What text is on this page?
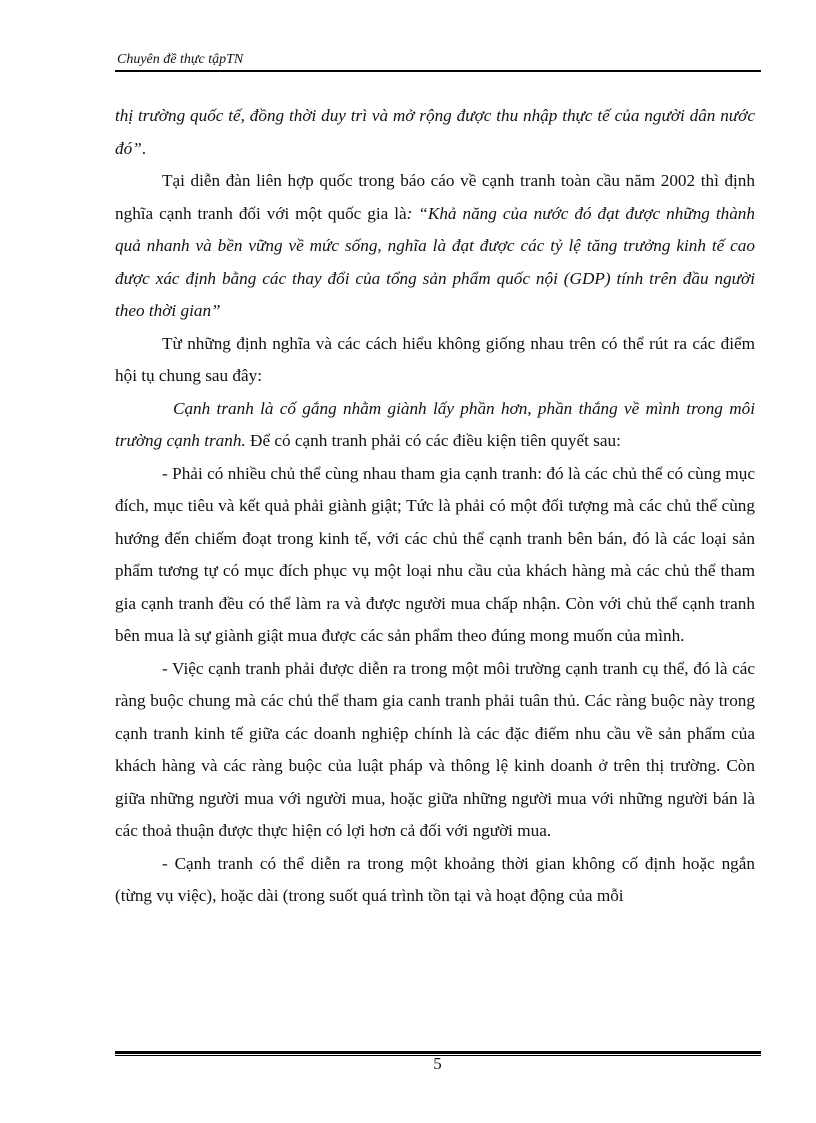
Chuyên đề thực tậpTN

thị trường quốc tế, đồng thời duy trì và mở rộng được thu nhập thực tế của người dân nước đó”.

Tại diễn đàn liên hợp quốc trong báo cáo về cạnh tranh toàn cầu năm 2002 thì định nghĩa cạnh tranh đối với một quốc gia là: “Khả năng của nước đó đạt được những thành quả nhanh và bền vững về mức sống, nghĩa là đạt được các tỷ lệ tăng trưởng kinh tế cao được xác định bằng các thay đổi của tổng sản phẩm quốc nội (GDP) tính trên đầu người theo thời gian”

Từ những định nghĩa và các cách hiểu không giống nhau trên có thể rút ra các điểm hội tụ chung sau đây:

Cạnh tranh là cố gắng nhằm giành lấy phần hơn, phần thắng về mình trong môi trường cạnh tranh. Để có cạnh tranh phải có các điều kiện tiên quyết sau:

- Phải có nhiều chủ thể cùng nhau tham gia cạnh tranh: đó là các chủ thể có cùng mục đích, mục tiêu và kết quả phải giành giật; Tức là phải có một đối tượng mà các chủ thể cùng hướng đến chiếm đoạt trong kinh tế, với các chủ thể cạnh tranh bên bán, đó là các loại sản phẩm tương tự có mục đích phục vụ một loại nhu cầu của khách hàng mà các chủ thể tham gia cạnh tranh đều có thể làm ra và được người mua chấp nhận. Còn với chủ thể cạnh tranh bên mua là sự giành giật mua được các sản phẩm theo đúng mong muốn của mình.

- Việc cạnh tranh phải được diễn ra trong một môi trường cạnh tranh cụ thể, đó là các ràng buộc chung mà các chủ thể tham gia canh tranh phải tuân thủ. Các ràng buộc này trong cạnh tranh kinh tế giữa các doanh nghiệp chính là các đặc điểm nhu cầu về sản phẩm của khách hàng và các ràng buộc của luật pháp và thông lệ kinh doanh ở trên thị trường. Còn giữa những người mua với người mua, hoặc giữa những người mua với những người bán là các thoả thuận được thực hiện có lợi hơn cả đối với người mua.

- Cạnh tranh có thể diễn ra trong một khoảng thời gian không cố định hoặc ngắn (từng vụ việc), hoặc dài (trong suốt quá trình tồn tại và hoạt động của mỗi

5
